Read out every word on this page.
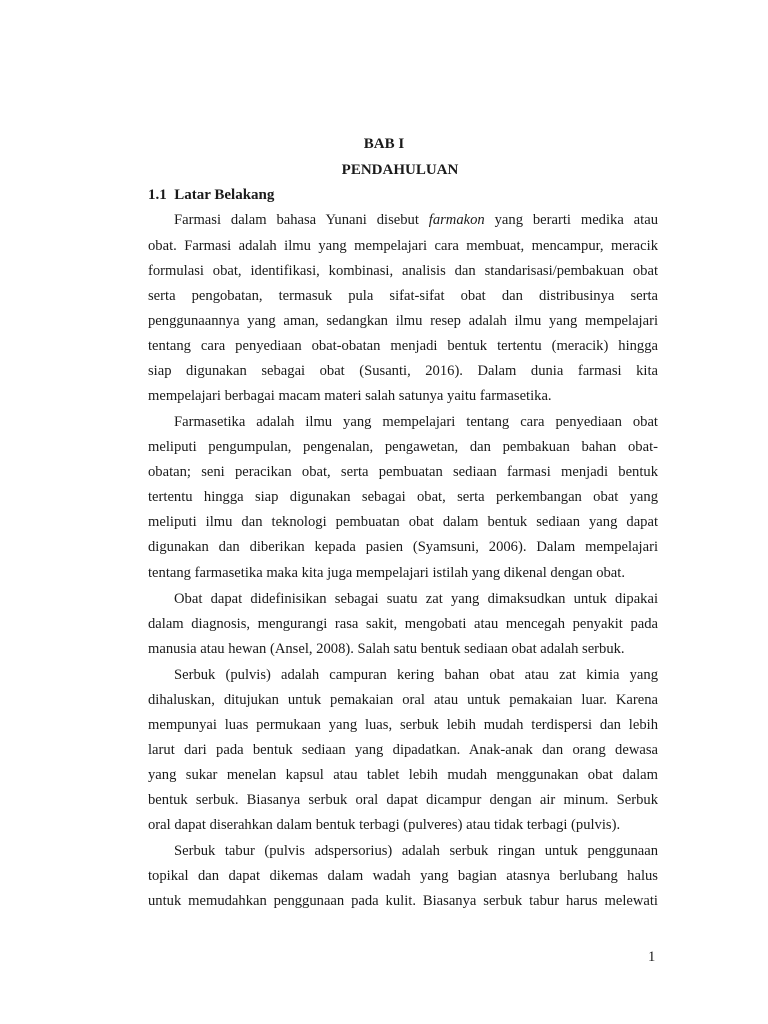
BAB I

PENDAHULUAN

1.1  Latar Belakang

Farmasi dalam bahasa Yunani disebut farmakon yang berarti medika atau

obat. Farmasi adalah ilmu yang mempelajari cara membuat, mencampur, meracik

formulasi obat, identifikasi, kombinasi, analisis dan standarisasi/pembakuan obat

serta pengobatan, termasuk pula sifat-sifat obat dan distribusinya serta

penggunaannya yang aman, sedangkan ilmu resep adalah ilmu yang mempelajari

tentang cara penyediaan obat-obatan menjadi bentuk tertentu (meracik) hingga

siap digunakan sebagai obat (Susanti, 2016). Dalam dunia farmasi kita

mempelajari berbagai macam materi salah satunya yaitu farmasetika.

Farmasetika adalah ilmu yang mempelajari tentang cara penyediaan obat

meliputi pengumpulan, pengenalan, pengawetan, dan pembakuan bahan obat-

obatan; seni peracikan obat, serta pembuatan sediaan farmasi menjadi bentuk

tertentu hingga siap digunakan sebagai obat, serta perkembangan obat yang

meliputi ilmu dan teknologi pembuatan obat dalam bentuk sediaan yang dapat

digunakan dan diberikan kepada pasien (Syamsuni, 2006). Dalam mempelajari

tentang farmasetika maka kita juga mempelajari istilah yang dikenal dengan obat.

Obat dapat didefinisikan sebagai suatu zat yang dimaksudkan untuk dipakai

dalam diagnosis, mengurangi rasa sakit, mengobati atau mencegah penyakit pada

manusia atau hewan (Ansel, 2008). Salah satu bentuk sediaan obat adalah serbuk.

Serbuk (pulvis) adalah campuran kering bahan obat atau zat kimia yang

dihaluskan, ditujukan untuk pemakaian oral atau untuk pemakaian luar. Karena

mempunyai luas permukaan yang luas, serbuk lebih mudah terdispersi dan lebih

larut dari pada bentuk sediaan yang dipadatkan. Anak-anak dan orang dewasa

yang sukar menelan kapsul atau tablet lebih mudah menggunakan obat dalam

bentuk serbuk. Biasanya serbuk oral dapat dicampur dengan air minum. Serbuk

oral dapat diserahkan dalam bentuk terbagi (pulveres) atau tidak terbagi (pulvis).

Serbuk tabur (pulvis adspersorius) adalah serbuk ringan untuk penggunaan

topikal dan dapat dikemas dalam wadah yang bagian atasnya berlubang halus

untuk memudahkan penggunaan pada kulit. Biasanya serbuk tabur harus melewati

1
